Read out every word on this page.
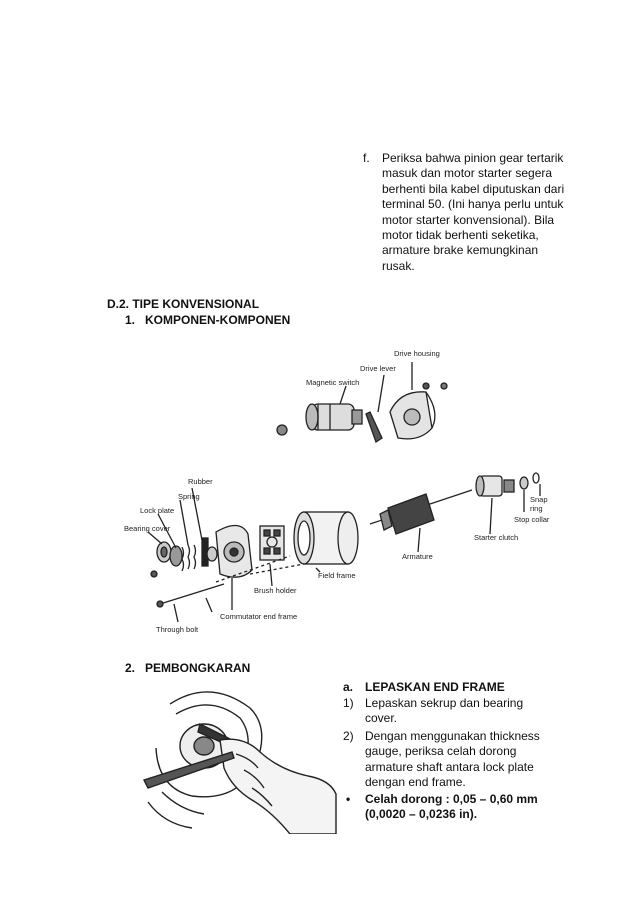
f. Periksa bahwa pinion gear tertarik
masuk dan motor starter segera
berhenti bila kabel diputuskan dari
terminal 50. (Ini hanya perlu untuk
motor starter konvensional). Bila
motor tidak berhenti seketika,
armature brake kemungkinan
rusak.
D.2. TIPE KONVENSIONAL
1. KOMPONEN-KOMPONEN
Drive housing
Drive lever
Magnetic switch
Rubber
Spring
Lock plate
Bearing cover
Brush holder
Commutator end frame
Through bolt
Field frame
Armature
Starter clutch
Snap
ring
Stop collar
2. PEMBONGKARAN
a. LEPASKAN END FRAME
1) Lepaskan sekrup dan bearing
cover.
2) Dengan menggunakan thickness
gauge, periksa celah dorong
armature shaft antara lock plate
dengan end frame.
• Celah dorong : 0,05 – 0,60 mm
(0,0020 – 0,0236 in).
